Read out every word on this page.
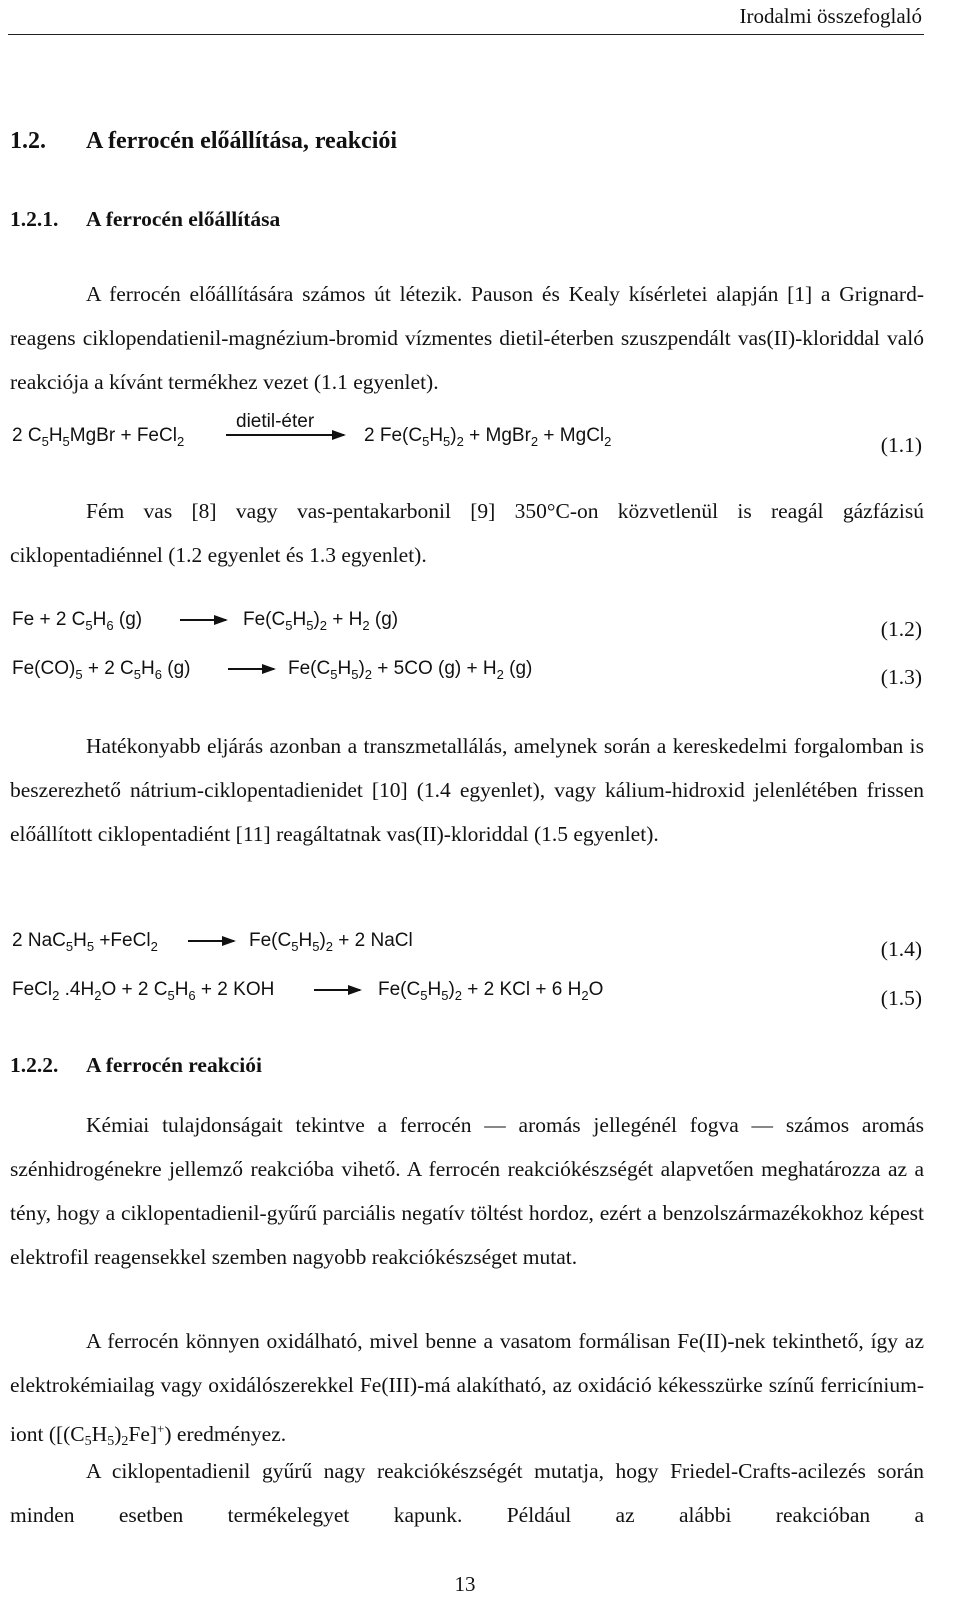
Irodalmi összefoglaló
1.2. A ferrocén előállítása, reakciói
1.2.1. A ferrocén előállítása

A ferrocén előállítására számos út létezik. Pauson és Kealy kísérletei alapján [1] a Grignard-reagens ciklopendatienil-magnézium-bromid vízmentes dietil-éterben szuszpendált vas(II)-kloriddal való reakciója a kívánt termékhez vezet (1.1 egyenlet).

2 $C_5H_5MgBr$ + FeCl$_2$
dietil-éter
2 $Fe(C_5H_5)_2$ + MgBr$_2$ + MgCl$_2$	(1.1)

Fém vas [8] vagy vas-pentakarbonil [9] 350°C-on közvetlenül is reagál gázfázisú ciklopentadiénnel (1.2 egyenlet és 1.3 egyenlet).

Fe + 2 $C_5H_6$ (g)	$Fe(C_5H_5)_2 + H_2$ (g)	(1.2)
$Fe(CO)_5 + 2$ $C_5H_6$ (g)	$Fe(C_5H_5)_2 + 5CO$ $(g) + H_2$ (g)	(1.3)

Hatékonyabb eljárás azonban a transzmetallálás, amelynek során a kereskedelmi forgalomban is beszerezhető nátrium-ciklopentadienidet [10] (1.4 egyenlet), vagy kálium-hidroxid jelenlétében frissen előállított ciklopentadiént [11] reagáltatnak vas(II)-kloriddal (1.5 egyenlet).

2 $NaC_5H_5$ +FeCl$_2$	$Fe(C_5H_5)_2 + 2$ NaCl	(1.4)
FeCl$_2$ $.4H_2O + 2$ $C_5H_6 + 2$ KOH	$Fe(C_5H_5)_2 + 2$ KCl + 6 $H_2O$	(1.5)
1.2.2. A ferrocén reakciói

Kémiai tulajdonságait tekintve a ferrocén — aromás jellegénél fogva — számos aromás szénhidrogénekre jellemző reakcióba vihető. A ferrocén reakciókészségét alapvetően meghatározza az a tény, hogy a ciklopentadienil-gyűrű parciális negatív töltést hordoz, ezért a benzolszármazékokhoz képest elektrofil reagensekkel szemben nagyobb reakciókészséget mutat.

A ferrocén könnyen oxidálható, mivel benne a vasatom formálisan Fe(II)-nek tekinthető, így az elektrokémiailag vagy oxidálószerekkel Fe(III)-má alakítható, az oxidáció kékesszürke színű ferricínium-iont ([(C5H5)2Fe]+) eredményez.

A ciklopentadienil gyűrű nagy reakciókészségét mutatja, hogy Friedel-Crafts-acilezés során minden esetben termékelegyet kapunk. Például az alábbi reakcióban a

13
